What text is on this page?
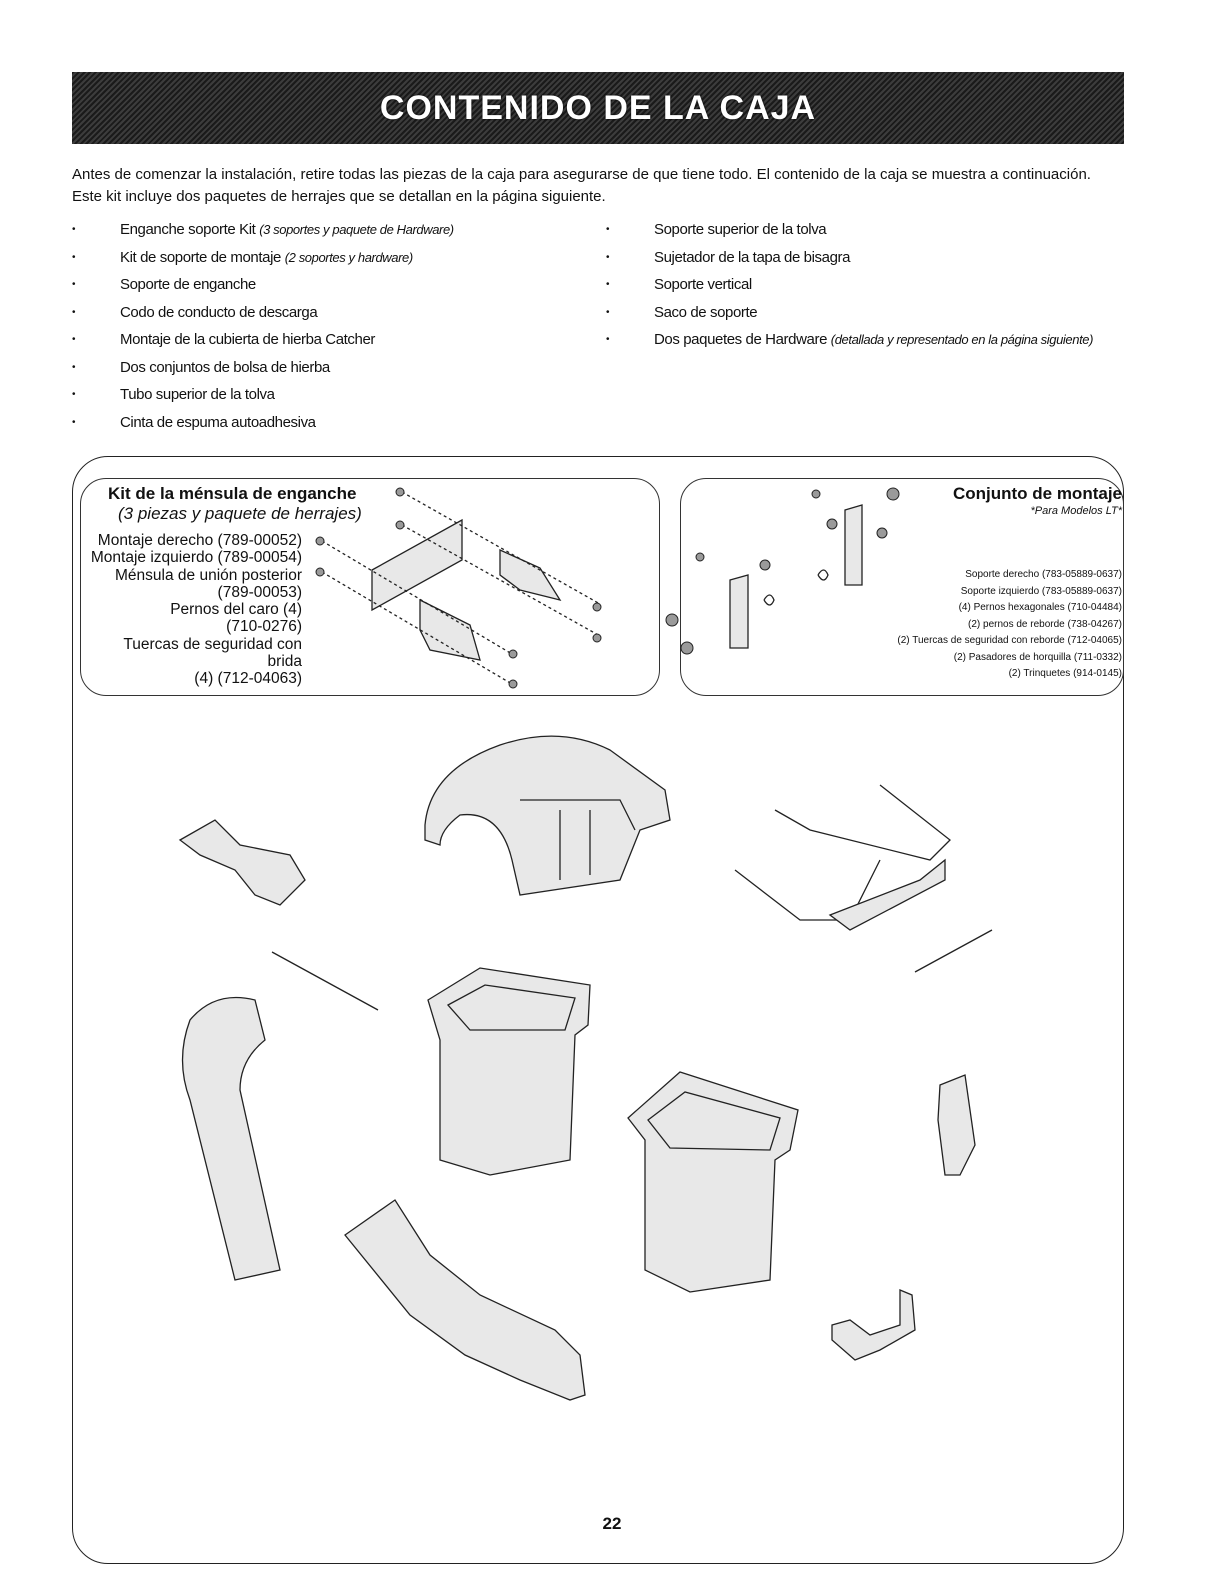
CONTENIDO DE LA CAJA

Antes de comenzar la instalación, retire todas las piezas de la caja para asegurarse de que tiene todo. El contenido de la caja se muestra a continuación. Este kit incluye dos paquetes de herrajes que se detallan en la página siguiente.

• Enganche soporte Kit (3 soportes y paquete de Hardware)
• Kit de soporte de montaje (2 soportes y hardware)
• Soporte de enganche
• Codo de conducto de descarga
• Montaje de la cubierta de hierba Catcher
• Dos conjuntos de bolsa de hierba
• Tubo superior de la tolva
• Cinta de espuma autoadhesiva
• Soporte superior de la tolva
• Sujetador de la tapa de bisagra
• Soporte vertical
• Saco de soporte
• Dos paquetes de Hardware (detallada y representado en la página siguiente)
Kit de la ménsula de enganche
(3 piezas y paquete de herrajes)
Montaje derecho (789-00052)
Montaje izquierdo (789-00054)
Ménsula de unión posterior
(789-00053)
Pernos del caro (4)
(710-0276)
Tuercas de seguridad con brida
(4) (712-04063)
Conjunto de montaje
*Para Modelos LT*
Soporte derecho (783-05889-0637)
Soporte izquierdo (783-05889-0637)
(4) Pernos hexagonales (710-04484)
(2) pernos de reborde (738-04267)
(2) Tuercas de seguridad con reborde (712-04065)
(2) Pasadores de horquilla (711-0332)
(2) Trinquetes (914-0145)
22
